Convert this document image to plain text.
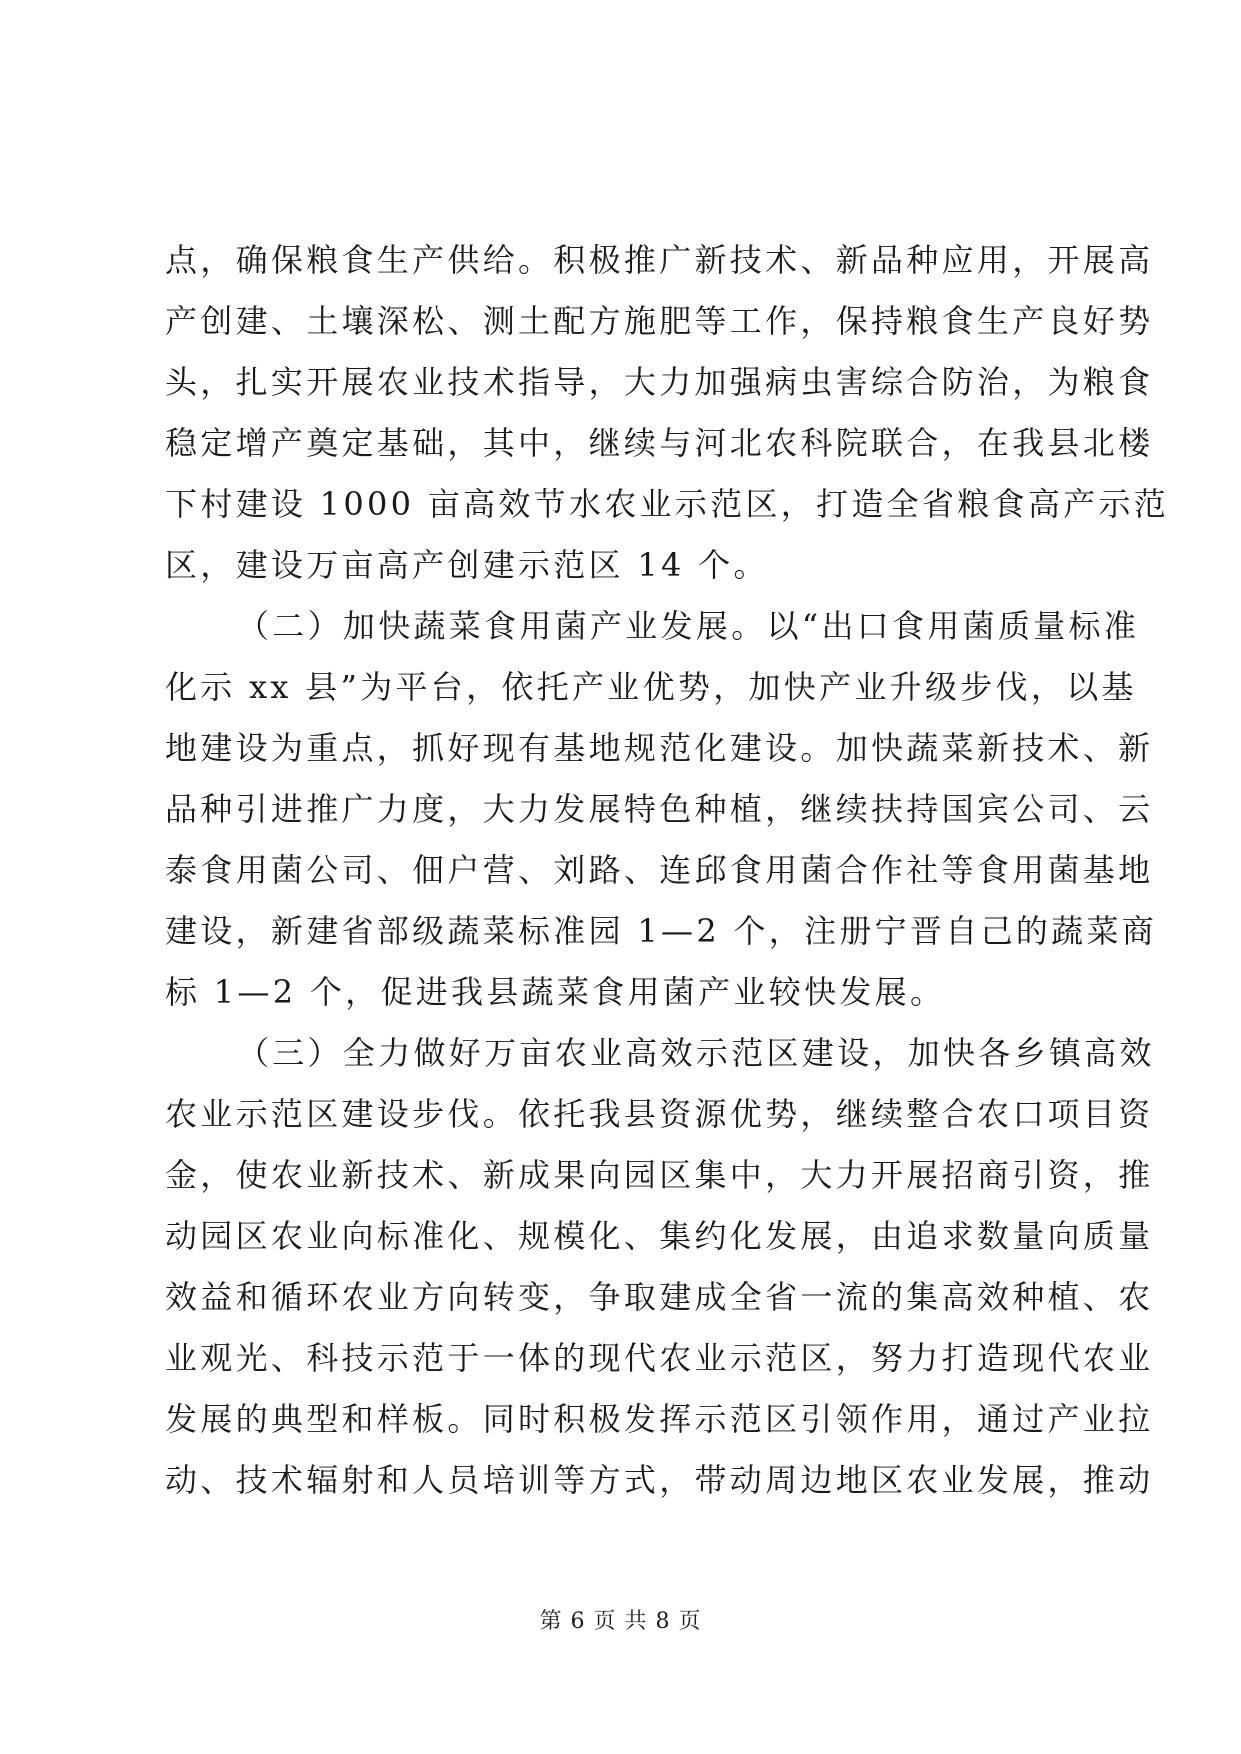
点，确保粮食生产供给。积极推广新技术、新品种应用，开展高
产创建、土壤深松、测土配方施肥等工作，保持粮食生产良好势
头，扎实开展农业技术指导，大力加强病虫害综合防治，为粮食
稳定增产奠定基础，其中，继续与河北农科院联合，在我县北楼
下村建设 1000 亩高效节水农业示范区，打造全省粮食高产示范
区，建设万亩高产创建示范区 14 个。
（二）加快蔬菜食用菌产业发展。以“出口食用菌质量标准
化示 xx 县”为平台，依托产业优势，加快产业升级步伐，以基
地建设为重点，抓好现有基地规范化建设。加快蔬菜新技术、新
品种引进推广力度，大力发展特色种植，继续扶持国宾公司、云
泰食用菌公司、佃户营、刘路、连邱食用菌合作社等食用菌基地
建设，新建省部级蔬菜标准园 1—2 个，注册宁晋自己的蔬菜商
标 1—2 个，促进我县蔬菜食用菌产业较快发展。
（三）全力做好万亩农业高效示范区建设，加快各乡镇高效
农业示范区建设步伐。依托我县资源优势，继续整合农口项目资
金，使农业新技术、新成果向园区集中，大力开展招商引资，推
动园区农业向标准化、规模化、集约化发展，由追求数量向质量
效益和循环农业方向转变，争取建成全省一流的集高效种植、农
业观光、科技示范于一体的现代农业示范区，努力打造现代农业
发展的典型和样板。同时积极发挥示范区引领作用，通过产业拉
动、技术辐射和人员培训等方式，带动周边地区农业发展，推动
第 6 页 共 8 页
